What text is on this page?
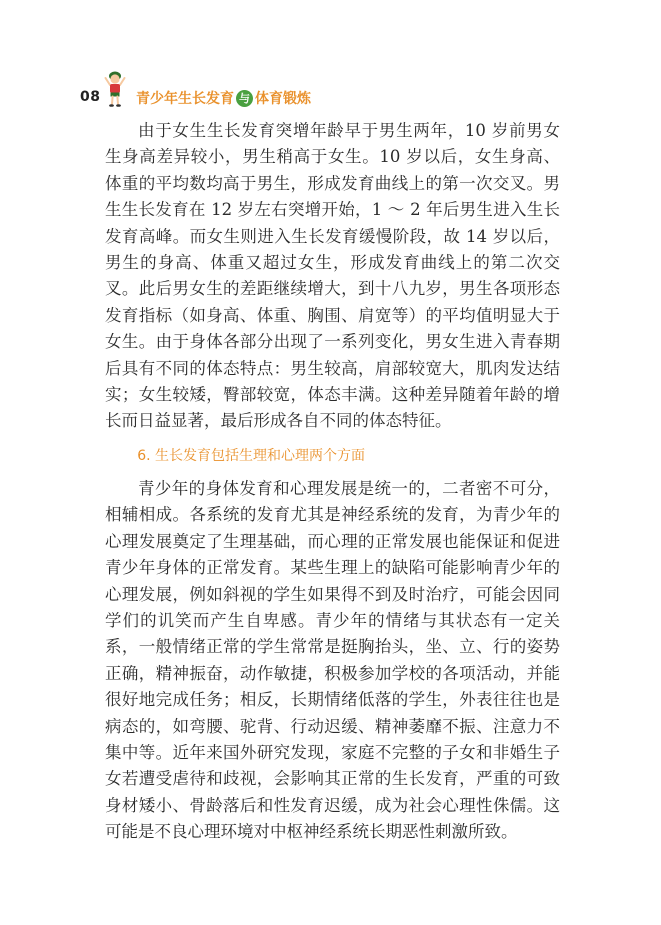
08	青少年生长发育 与 体育锻炼

由于女生生长发育突增年龄早于男生两年，10 岁前男女生身高差异较小，男生稍高于女生。10 岁以后，女生身高、体重的平均数均高于男生，形成发育曲线上的第一次交叉。男生生长发育在 12 岁左右突增开始，1 ～ 2 年后男生进入生长发育高峰。而女生则进入生长发育缓慢阶段，故 14 岁以后，男生的身高、体重又超过女生，形成发育曲线上的第二次交叉。此后男女生的差距继续增大，到十八九岁，男生各项形态发育指标（如身高、体重、胸围、肩宽等）的平均值明显大于女生。由于身体各部分出现了一系列变化，男女生进入青春期后具有不同的体态特点：男生较高，肩部较宽大，肌肉发达结实；女生较矮，臀部较宽，体态丰满。这种差异随着年龄的增长而日益显著，最后形成各自不同的体态特征。

6. 生长发育包括生理和心理两个方面

青少年的身体发育和心理发展是统一的，二者密不可分，相辅相成。各系统的发育尤其是神经系统的发育，为青少年的心理发展奠定了生理基础，而心理的正常发展也能保证和促进青少年身体的正常发育。某些生理上的缺陷可能影响青少年的心理发展，例如斜视的学生如果得不到及时治疗，可能会因同学们的讥笑而产生自卑感。青少年的情绪与其状态有一定关系，一般情绪正常的学生常常是挺胸抬头，坐、立、行的姿势正确，精神振奋，动作敏捷，积极参加学校的各项活动，并能很好地完成任务；相反，长期情绪低落的学生，外表往往也是病态的，如弯腰、驼背、行动迟缓、精神萎靡不振、注意力不集中等。近年来国外研究发现，家庭不完整的子女和非婚生子女若遭受虐待和歧视，会影响其正常的生长发育，严重的可致身材矮小、骨龄落后和性发育迟缓，成为社会心理性侏儒。这可能是不良心理环境对中枢神经系统长期恶性刺激所致。
